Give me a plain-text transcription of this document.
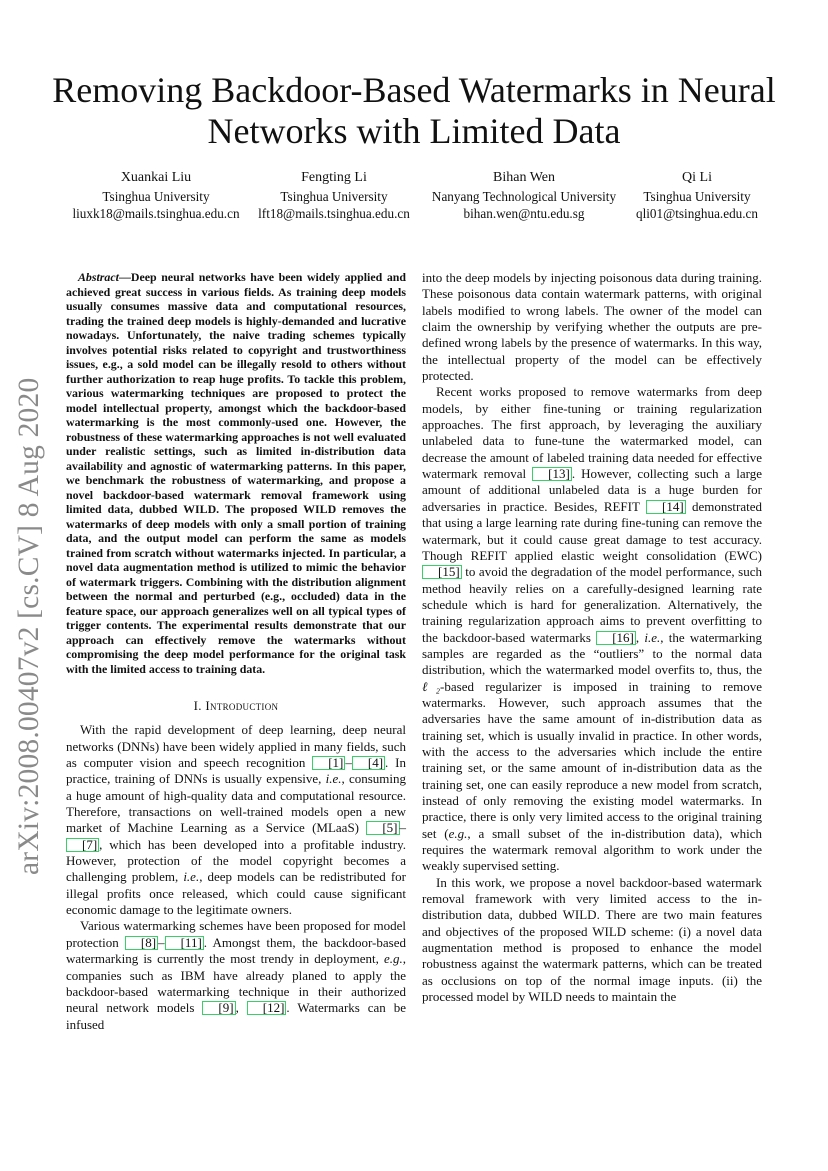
arXiv:2008.00407v2 [cs.CV] 8 Aug 2020
Removing Backdoor-Based Watermarks in Neural Networks with Limited Data
Xuankai Liu
Tsinghua University
liuxk18@mails.tsinghua.edu.cn
Fengting Li
Tsinghua University
lft18@mails.tsinghua.edu.cn
Bihan Wen
Nanyang Technological University
bihan.wen@ntu.edu.sg
Qi Li
Tsinghua University
qli01@tsinghua.edu.cn

Abstract—Deep neural networks have been widely applied and achieved great success in various fields. As training deep models usually consumes massive data and computational resources, trading the trained deep models is highly-demanded and lucrative nowadays. Unfortunately, the naive trading schemes typically involves potential risks related to copyright and trustworthiness issues, e.g., a sold model can be illegally resold to others without further authorization to reap huge profits. To tackle this problem, various watermarking techniques are proposed to protect the model intellectual property, amongst which the backdoor-based watermarking is the most commonly-used one. However, the robustness of these watermarking approaches is not well evaluated under realistic settings, such as limited in-distribution data availability and agnostic of watermarking patterns. In this paper, we benchmark the robustness of watermarking, and propose a novel backdoor-based watermark removal framework using limited data, dubbed WILD. The proposed WILD removes the watermarks of deep models with only a small portion of training data, and the output model can perform the same as models trained from scratch without watermarks injected. In particular, a novel data augmentation method is utilized to mimic the behavior of watermark triggers. Combining with the distribution alignment between the normal and perturbed (e.g., occluded) data in the feature space, our approach generalizes well on all typical types of trigger contents. The experimental results demonstrate that our approach can effectively remove the watermarks without compromising the deep model performance for the original task with the limited access to training data.

I. Introduction

With the rapid development of deep learning, deep neural networks (DNNs) have been widely applied in many fields, such as computer vision and speech recognition [1] – [4] . In practice, training of DNNs is usually expensive, i.e., consuming a huge amount of high-quality data and computational resource. Therefore, transactions on well-trained models open a new market of Machine Learning as a Service (MLaaS) [5] –[7] , which has been developed into a profitable industry. However, protection of the model copyright becomes a challenging problem, i.e., deep models can be redistributed for illegal profits once released, which could cause significant economic damage to the legitimate owners.

Various watermarking schemes have been proposed for model protection [8] – [11] . Amongst them, the backdoor-based watermarking is currently the most trendy in deployment, e.g., companies such as IBM have already planed to apply the backdoor-based watermarking technique in their authorized neural network models [9] , [12] . Watermarks can be infused

into the deep models by injecting poisonous data during training. These poisonous data contain watermark patterns, with original labels modified to wrong labels. The owner of the model can claim the ownership by verifying whether the outputs are pre-defined wrong labels by the presence of watermarks. In this way, the intellectual property of the model can be effectively protected.

Recent works proposed to remove watermarks from deep models, by either fine-tuning or training regularization approaches. The first approach, by leveraging the auxiliary unlabeled data to fune-tune the watermarked model, can decrease the amount of labeled training data needed for effective watermark removal [13] . However, collecting such a large amount of additional unlabeled data is a huge burden for adversaries in practice. Besides, REFIT [14] demonstrated that using a large learning rate during fine-tuning can remove the watermark, but it could cause great damage to test accuracy. Though REFIT applied elastic weight consolidation (EWC) [15] to avoid the degradation of the model performance, such method heavily relies on a carefully-designed learning rate schedule which is hard for generalization. Alternatively, the training regularization approach aims to prevent overfitting to the backdoor-based watermarks [16] , i.e., the watermarking samples are regarded as the “outliers” to the normal data distribution, which the watermarked model overfits to, thus, the ℓ₂-based regularizer is imposed in training to remove watermarks. However, such approach assumes that the adversaries have the same amount of in-distribution data as training set, which is usually invalid in practice. In other words, with the access to the adversaries which include the entire training set, or the same amount of in-distribution data as the training set, one can easily reproduce a new model from scratch, instead of only removing the existing model watermarks. In practice, there is only very limited access to the original training set (e.g., a small subset of the in-distribution data), which requires the watermark removal algorithm to work under the weakly supervised setting.

In this work, we propose a novel backdoor-based watermark removal framework with very limited access to the in-distribution data, dubbed WILD. There are two main features and objectives of the proposed WILD scheme: (i) a novel data augmentation method is proposed to enhance the model robustness against the watermark patterns, which can be treated as occlusions on top of the normal image inputs. (ii) the processed model by WILD needs to maintain the
